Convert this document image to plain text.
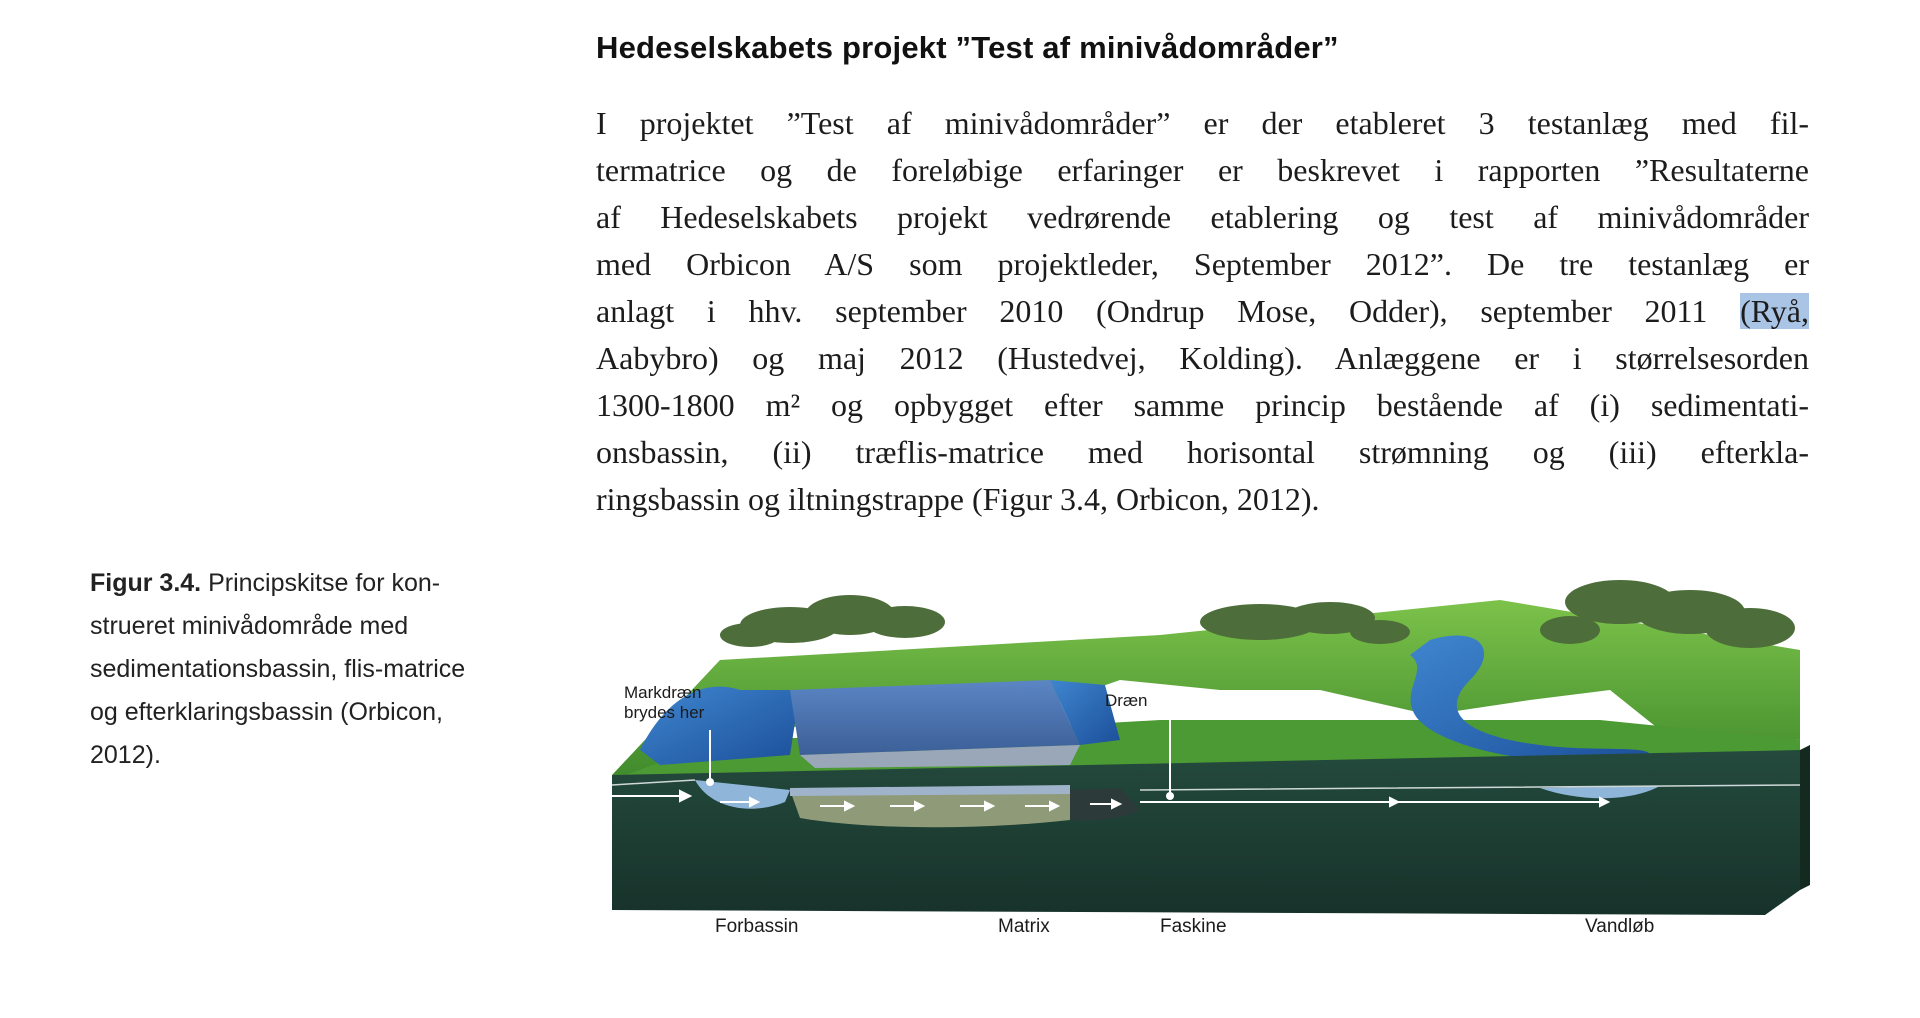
Hedeselskabets projekt ”Test af minivådområder”
I projektet ”Test af minivådområder” er der etableret 3 testanlæg med fil-
termatrice og de foreløbige erfaringer er beskrevet i rapporten ”Resultaterne
af Hedeselskabets projekt vedrørende etablering og test af minivådområder
med Orbicon A/S som projektleder, September 2012”. De tre testanlæg er
anlagt i hhv. september 2010 (Ondrup Mose, Odder), september 2011 (Ryå,
Aabybro) og maj 2012 (Hustedvej, Kolding). Anlæggene er i størrelsesorden
1300-1800 m² og opbygget efter samme princip bestående af (i) sedimentati-
onsbassin, (ii) træflis-matrice med horisontal strømning og (iii) efterkla-
ringsbassin og iltningstrappe (Figur 3.4, Orbicon, 2012).
Figur 3.4. Principskitse for kon-
strueret minivådområde med
sedimentationsbassin, flis-matrice
og efterklaringsbassin (Orbicon,
2012).
Markdræn
brydes her
Dræn
Forbassin	Matrix	Faskine	Vandløb
